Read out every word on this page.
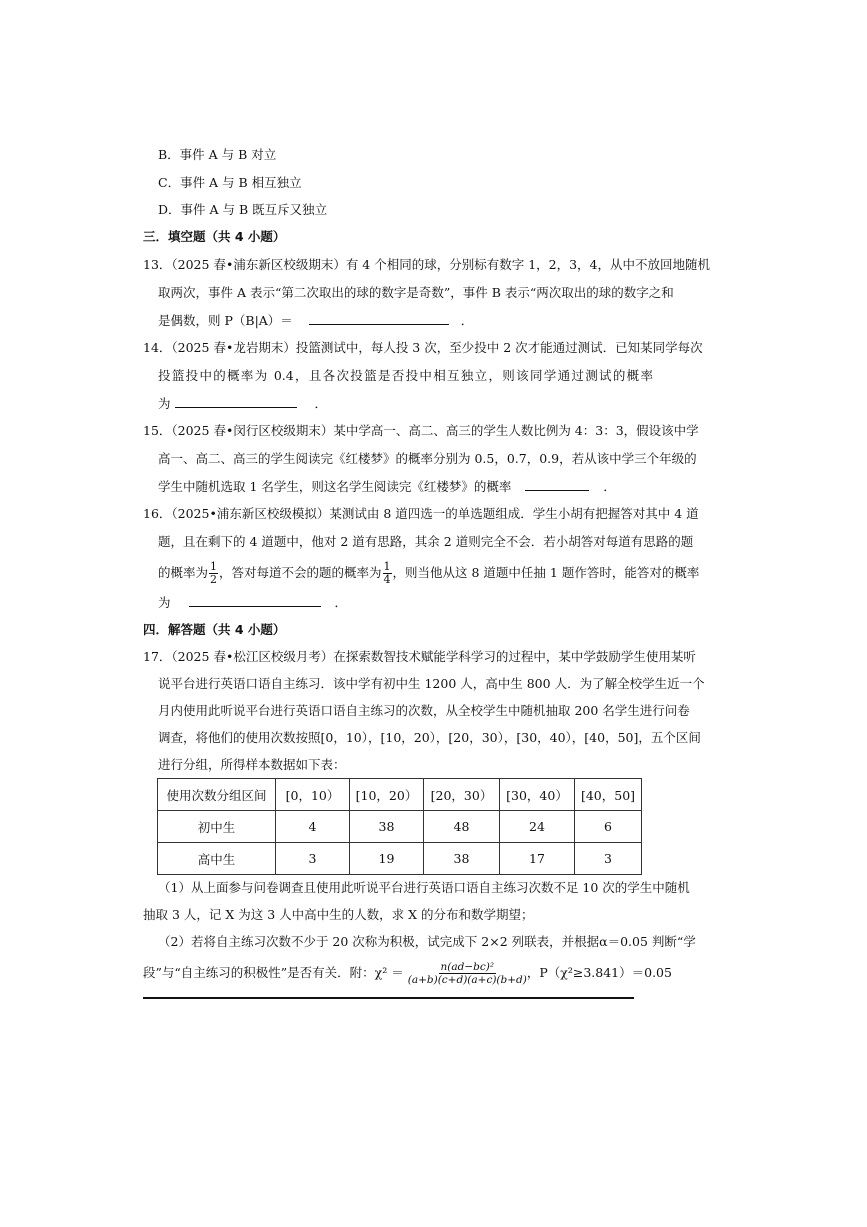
B．事件 A 与 B 对立
C．事件 A 与 B 相互独立
D．事件 A 与 B 既互斥又独立
三．填空题（共 4 小题）
13．（2025 春•浦东新区校级期末）有 4 个相同的球，分别标有数字 1，2，3，4，从中不放回地随机
取两次，事件 A 表示“第二次取出的球的数字是奇数”，事件 B 表示“两次取出的球的数字之和
是偶数，则 P（B|A）＝	．
14．（2025 春•龙岩期末）投篮测试中，每人投 3 次，至少投中 2 次才能通过测试．已知某同学每次
投篮投中的概率为 0.4，且各次投篮是否投中相互独立，则该同学通过测试的概率
为	．
15．（2025 春•闵行区校级期末）某中学高一、高二、高三的学生人数比例为 4：3：3，假设该中学
高一、高二、高三的学生阅读完《红楼梦》的概率分别为 0.5，0.7，0.9，若从该中学三个年级的
学生中随机选取 1 名学生，则这名学生阅读完《红楼梦》的概率	．
16．（2025•浦东新区校级模拟）某测试由 8 道四选一的单选题组成．学生小胡有把握答对其中 4 道
题，且在剩下的 4 道题中，他对 2 道有思路，其余 2 道则完全不会．若小胡答对每道有思路的题
的概率为 $\frac{1}{2}$ ，答对每道不会的题的概率为 $\frac{1}{4}$ ，则当他从这 8 道题中任抽 1 题作答时，能答对的概率
为	．
四．解答题（共 4 小题）
17．（2025 春•松江区校级月考）在探索数智技术赋能学科学习的过程中，某中学鼓励学生使用某听
说平台进行英语口语自主练习．该中学有初中生 1200 人，高中生 800 人．为了解全校学生近一个
月内使用此听说平台进行英语口语自主练习的次数，从全校学生中随机抽取 200 名学生进行问卷
调查，将他们的使用次数按照[0，10），[10，20），[20，30），[30，40），[40，50]，五个区间
进行分组，所得样本数据如下表：
使用次数分组区间	[0，10）	[10，20）	[20，30）	[30，40）	[40，50]
初中生	4	38	48	24	6
高中生	3	19	38	17	3
（1）从上面参与问卷调查且使用此听说平台进行英语口语自主练习次数不足 10 次的学生中随机
抽取 3 人，记 X 为这 3 人中高中生的人数，求 X 的分布和数学期望；
（2）若将自主练习次数不少于 20 次称为积极，试完成下 2×2 列联表，并根据α＝0.05 判断“学
段”与“自主练习的积极性”是否有关．附：$\chi^2 = \frac{\text{n(ad−bc)²}}{(a+b)(c+d)(a+c)(b+d)}$ ，P（χ²≥3.841）＝0.05
